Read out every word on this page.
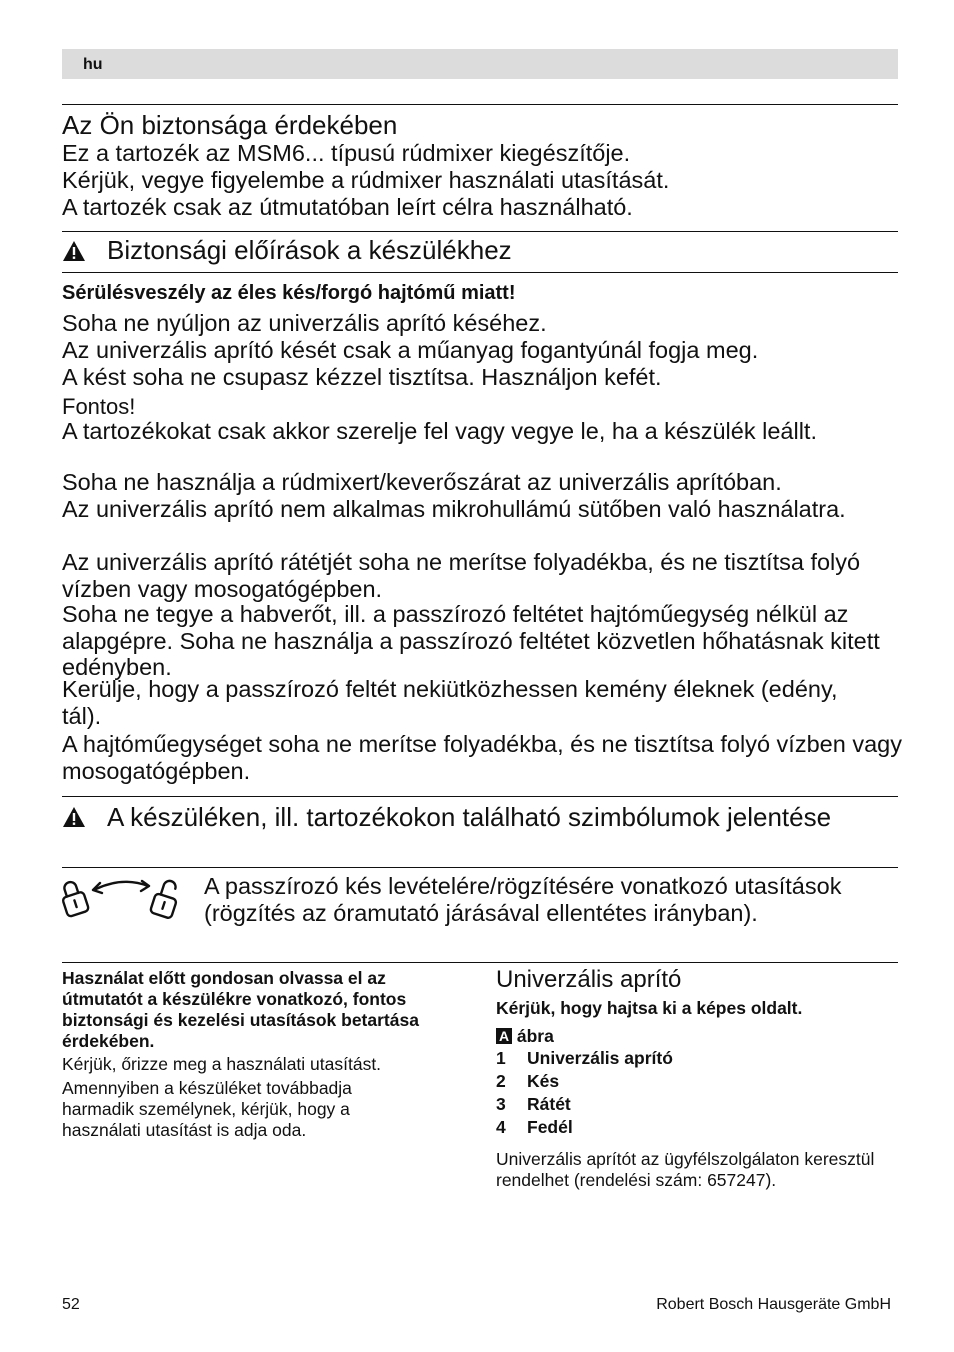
hu
Az Ön biztonsága érdekében
Ez a tartozék az MSM6... típusú rúdmixer kiegészítője.
Kérjük, vegye figyelembe a rúdmixer használati utasítását.
A tartozék csak az útmutatóban leírt célra használható.
Biztonsági előírások a készülékhez
Sérülésveszély az éles kés/forgó hajtómű miatt!
Soha ne nyúljon az univerzális aprító késéhez.
Az univerzális aprító kését csak a műanyag fogantyúnál fogja meg.
A kést soha ne csupasz kézzel tisztítsa. Használjon kefét.
Fontos!
A tartozékokat csak akkor szerelje fel vagy vegye le, ha a készülék leállt.
Soha ne használja a rúdmixert/keverőszárat az univerzális aprítóban.
Az univerzális aprító nem alkalmas mikrohullámú sütőben való használatra.
Az univerzális aprító rátétjét soha ne merítse folyadékba, és ne tisztítsa folyó vízben vagy mosogatógépben.
Soha ne tegye a habverőt, ill. a passzírozó feltétet hajtóműegység nélkül az alapgépre. Soha ne használja a passzírozó feltétet közvetlen hőhatásnak kitett edényben.
Kerülje, hogy a passzírozó feltét nekiütközhessen kemény éleknek (edény, tál).
A hajtóműegységet soha ne merítse folyadékba, és ne tisztítsa folyó vízben vagy mosogatógépben.
A készüléken, ill. tartozékokon található szimbólumok jelentése
A passzírozó kés levételére/rögzítésére vonatkozó utasítások (rögzítés az óramutató járásával ellentétes irányban).
Használat előtt gondosan olvassa el az útmutatót a készülékre vonatkozó, fontos biztonsági és kezelési utasítások betartása érdekében.
Kérjük, őrizze meg a használati utasítást.
Amennyiben a készüléket továbbadja harmadik személynek, kérjük, hogy a használati utasítást is adja oda.
Univerzális aprító
Kérjük, hogy hajtsa ki a képes oldalt.
A ábra
1 Univerzális aprító
2 Kés
3 Rátét
4 Fedél
Univerzális aprítót az ügyfélszolgálaton keresztül rendelhet (rendelési szám: 657247).
52	Robert Bosch Hausgeräte GmbH
